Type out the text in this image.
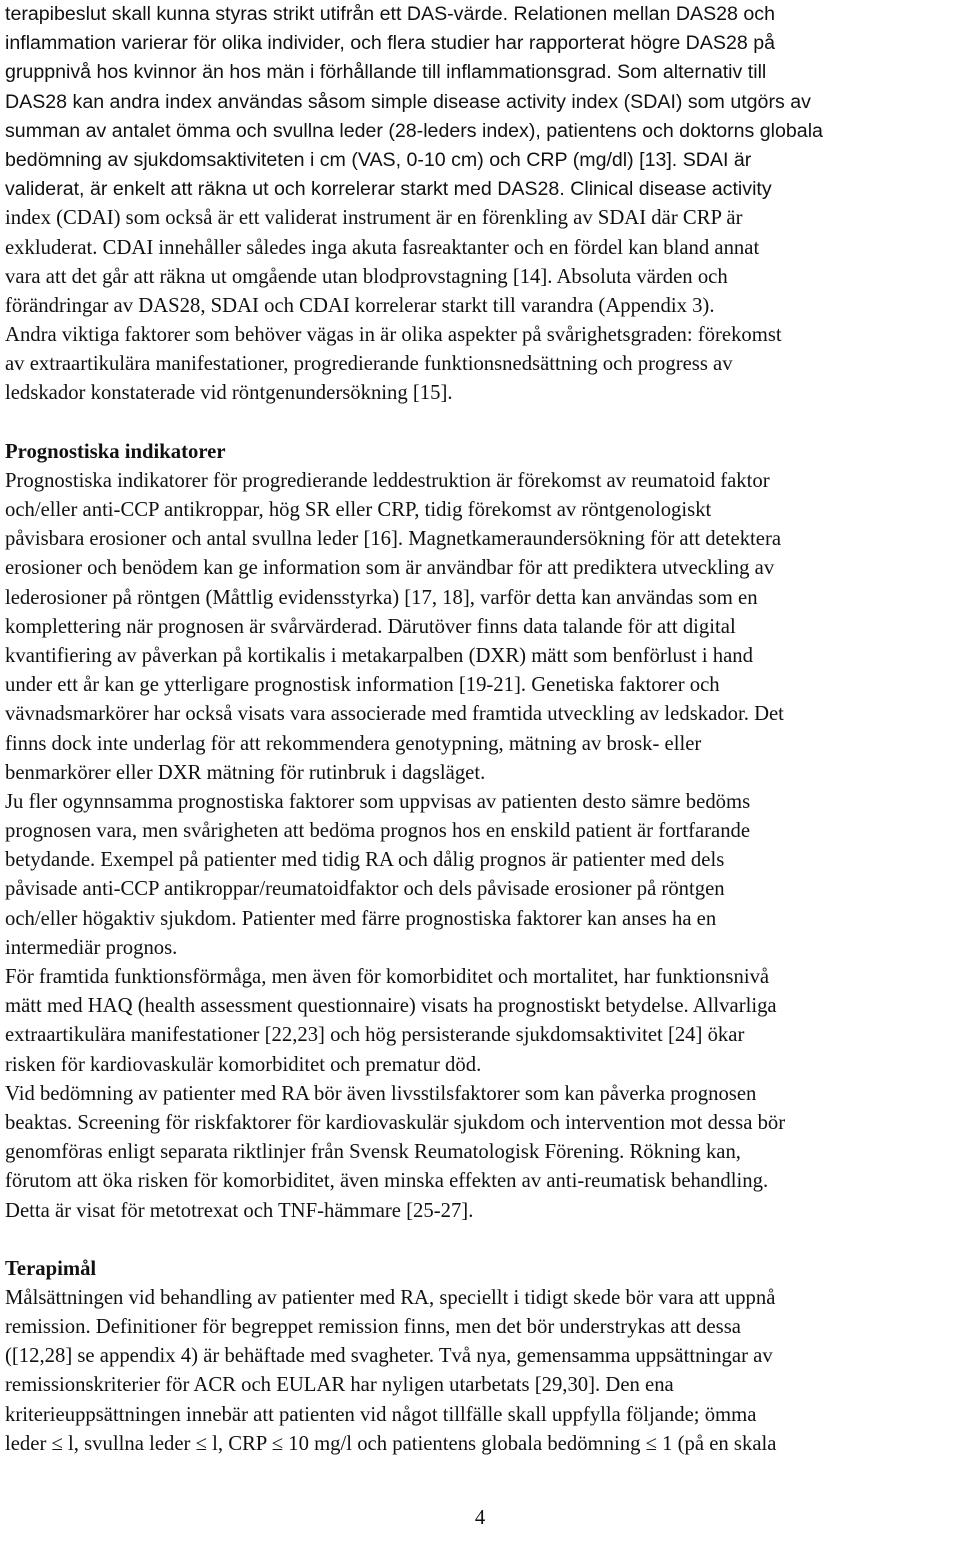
terapibeslut skall kunna styras strikt utifrån ett DAS-värde. Relationen mellan DAS28 och
inflammation varierar för olika individer, och flera studier har rapporterat högre DAS28 på
gruppnivå hos kvinnor än hos män i förhållande till inflammationsgrad. Som alternativ till
DAS28 kan andra index användas såsom simple disease activity index (SDAI) som utgörs av
summan av antalet ömma och svullna leder (28-leders index), patientens och doktorns globala
bedömning av sjukdomsaktiviteten i cm (VAS, 0-10 cm) och CRP (mg/dl) [13]. SDAI är
validerat, är enkelt att räkna ut och korrelerar starkt med DAS28. Clinical disease activity
index (CDAI) som också är ett validerat instrument är en förenkling av SDAI där CRP är
exkluderat. CDAI innehåller således inga akuta fasreaktanter och en fördel kan bland annat
vara att det går att räkna ut omgående utan blodprovstagning [14]. Absoluta värden och
förändringar av DAS28, SDAI och CDAI korrelerar starkt till varandra (Appendix 3).
Andra viktiga faktorer som behöver vägas in är olika aspekter på svårighetsgraden: förekomst
av extraartikulära manifestationer, progredierande funktionsnedsättning och progress av
ledskador konstaterade vid röntgenundersökning [15].
Prognostiska indikatorer
Prognostiska indikatorer för progredierande leddestruktion är förekomst av reumatoid faktor
och/eller anti-CCP antikroppar, hög SR eller CRP, tidig förekomst av röntgenologiskt
påvisbara erosioner och antal svullna leder [16]. Magnetkameraundersökning för att detektera
erosioner och benödem kan ge information som är användbar för att prediktera utveckling av
lederosioner på röntgen (Måttlig evidensstyrka) [17, 18], varför detta kan användas som en
komplettering när prognosen är svårvärderad. Därutöver finns data talande för att digital
kvantifiering av påverkan på kortikalis i metakarpalben (DXR) mätt som benförlust i hand
under ett år kan ge ytterligare prognostisk information [19-21]. Genetiska faktorer och
vävnadsmarkörer har också visats vara associerade med framtida utveckling av ledskador. Det
finns dock inte underlag för att rekommendera genotypning, mätning av brosk- eller
benmarkörer eller DXR mätning för rutinbruk i dagsläget.
Ju fler ogynnsamma prognostiska faktorer som uppvisas av patienten desto sämre bedöms
prognosen vara, men svårigheten att bedöma prognos hos en enskild patient är fortfarande
betydande. Exempel på patienter med tidig RA och dålig prognos är patienter med dels
påvisade anti-CCP antikroppar/reumatoidfaktor och dels påvisade erosioner på röntgen
och/eller högaktiv sjukdom. Patienter med färre prognostiska faktorer kan anses ha en
intermediär prognos.
För framtida funktionsförmåga, men även för komorbiditet och mortalitet, har funktionsnivå
mätt med HAQ (health assessment questionnaire) visats ha prognostiskt betydelse. Allvarliga
extraartikulära manifestationer [22,23] och hög persisterande sjukdomsaktivitet [24] ökar
risken för kardiovaskulär komorbiditet och prematur död.
Vid bedömning av patienter med RA bör även livsstilsfaktorer som kan påverka prognosen
beaktas. Screening för riskfaktorer för kardiovaskulär sjukdom och intervention mot dessa bör
genomföras enligt separata riktlinjer från Svensk Reumatologisk Förening. Rökning kan,
förutom att öka risken för komorbiditet, även minska effekten av anti-reumatisk behandling.
Detta är visat för metotrexat och TNF-hämmare [25-27].
Terapimål
Målsättningen vid behandling av patienter med RA, speciellt i tidigt skede bör vara att uppnå
remission. Definitioner för begreppet remission finns, men det bör understrykas att dessa
([12,28] se appendix 4) är behäftade med svagheter. Två nya, gemensamma uppsättningar av
remissionskriterier för ACR och EULAR har nyligen utarbetats [29,30]. Den ena
kriterieuppsättningen innebär att patienten vid något tillfälle skall uppfylla följande; ömma
leder ≤ l, svullna leder ≤ l, CRP ≤ 10 mg/l och patientens globala bedömning ≤ 1 (på en skala
4
